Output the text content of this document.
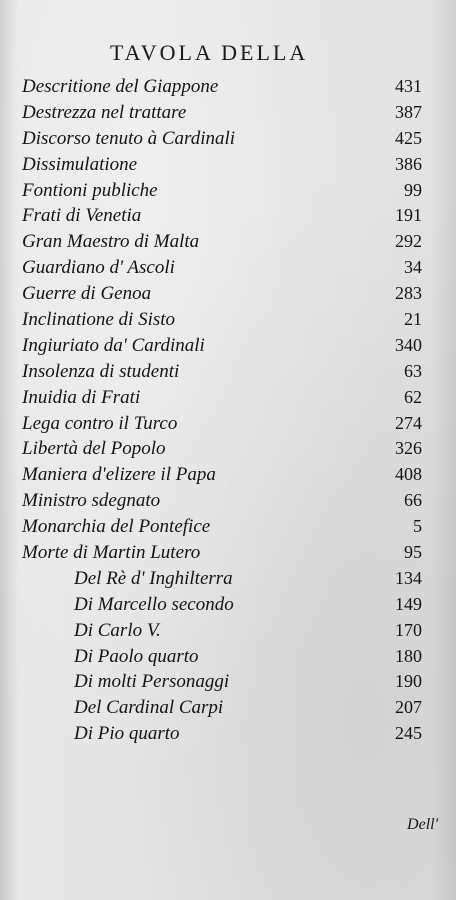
TAVOLA DELLA
Descritione del Giappone	431
Destrezza nel trattare	387
Discorso tenuto à Cardinali	425
Dissimulatione	386
Fontioni publiche	99
Frati di Venetia	191
Gran Maestro di Malta	292
Guardiano d' Ascoli	34
Guerre di Genoa	283
Inclinatione di Sisto	21
Ingiuriato da' Cardinali	340
Insolenza di studenti	63
Inuidia di Frati	62
Lega contro il Turco	274
Libertà del Popolo	326
Maniera d'elizere il Papa	408
Ministro sdegnato	66
Monarchia del Pontefice	5
Morte di Martin Lutero	95
Del Rè d' Inghilterra	134
Di Marcello secondo	149
Di Carlo V.	170
Di Paolo quarto	180
Di molti Personaggi	190
Del Cardinal Carpi	207
Di Pio quarto	245
Dell'
